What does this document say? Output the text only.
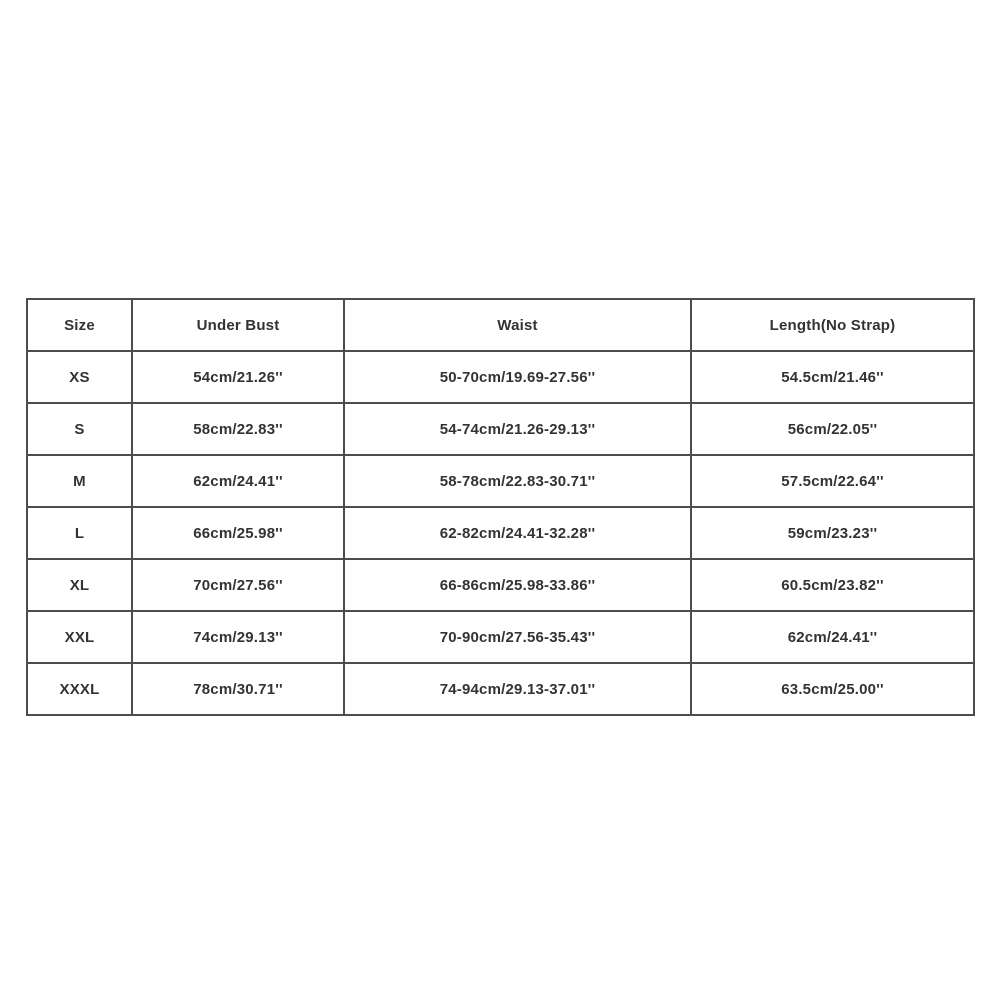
Size	Under Bust	Waist	Length(No Strap)
XS	54cm/21.26''	50-70cm/19.69-27.56''	54.5cm/21.46''
S	58cm/22.83''	54-74cm/21.26-29.13''	56cm/22.05''
M	62cm/24.41''	58-78cm/22.83-30.71''	57.5cm/22.64''
L	66cm/25.98''	62-82cm/24.41-32.28''	59cm/23.23''
XL	70cm/27.56''	66-86cm/25.98-33.86''	60.5cm/23.82''
XXL	74cm/29.13''	70-90cm/27.56-35.43''	62cm/24.41''
XXXL	78cm/30.71''	74-94cm/29.13-37.01''	63.5cm/25.00''
